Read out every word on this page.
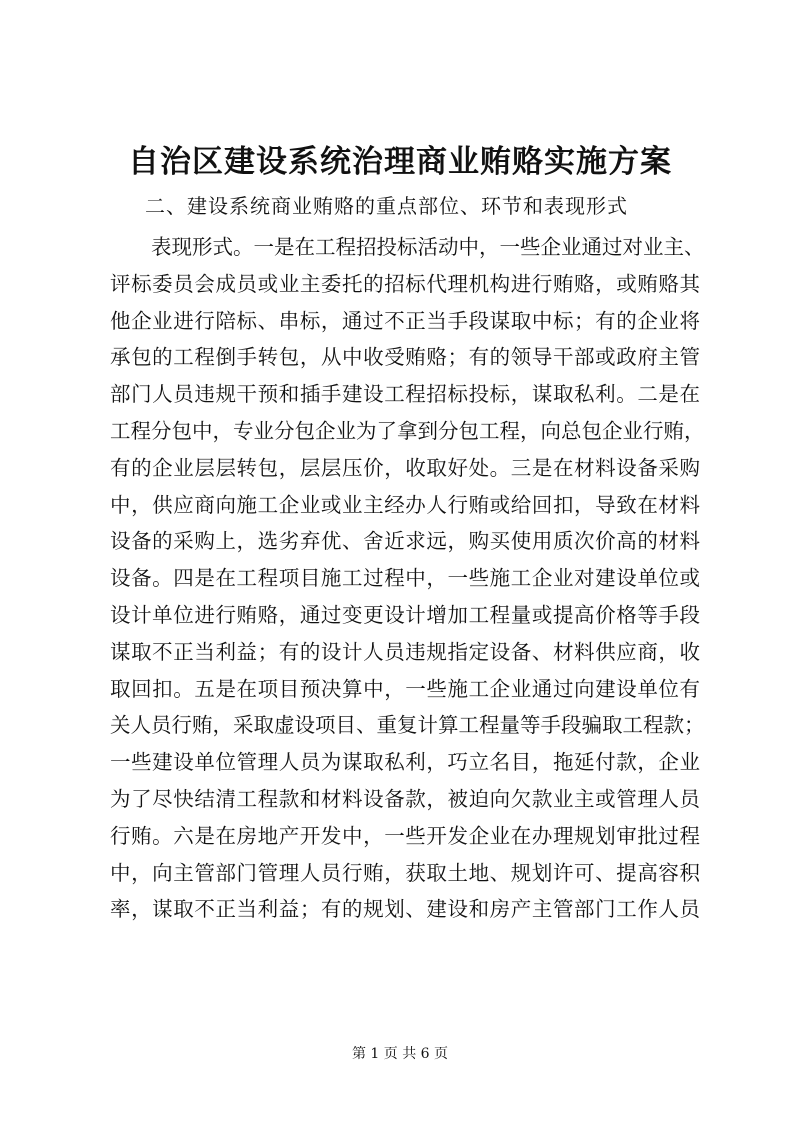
自治区建设系统治理商业贿赂实施方案

二、建设系统商业贿赂的重点部位、环节和表现形式

表现形式。一是在工程招投标活动中，一些企业通过对业主、
评标委员会成员或业主委托的招标代理机构进行贿赂，或贿赂其
他企业进行陪标、串标，通过不正当手段谋取中标；有的企业将
承包的工程倒手转包，从中收受贿赂；有的领导干部或政府主管
部门人员违规干预和插手建设工程招标投标，谋取私利。二是在
工程分包中，专业分包企业为了拿到分包工程，向总包企业行贿，
有的企业层层转包，层层压价，收取好处。三是在材料设备采购
中，供应商向施工企业或业主经办人行贿或给回扣，导致在材料
设备的采购上，选劣弃优、舍近求远，购买使用质次价高的材料
设备。四是在工程项目施工过程中，一些施工企业对建设单位或
设计单位进行贿赂，通过变更设计增加工程量或提高价格等手段
谋取不正当利益；有的设计人员违规指定设备、材料供应商，收
取回扣。五是在项目预决算中，一些施工企业通过向建设单位有
关人员行贿，采取虚设项目、重复计算工程量等手段骗取工程款；
一些建设单位管理人员为谋取私利，巧立名目，拖延付款，企业
为了尽快结清工程款和材料设备款，被迫向欠款业主或管理人员
行贿。六是在房地产开发中，一些开发企业在办理规划审批过程
中，向主管部门管理人员行贿，获取土地、规划许可、提高容积
率，谋取不正当利益；有的规划、建设和房产主管部门工作人员
第 1 页 共 6 页
